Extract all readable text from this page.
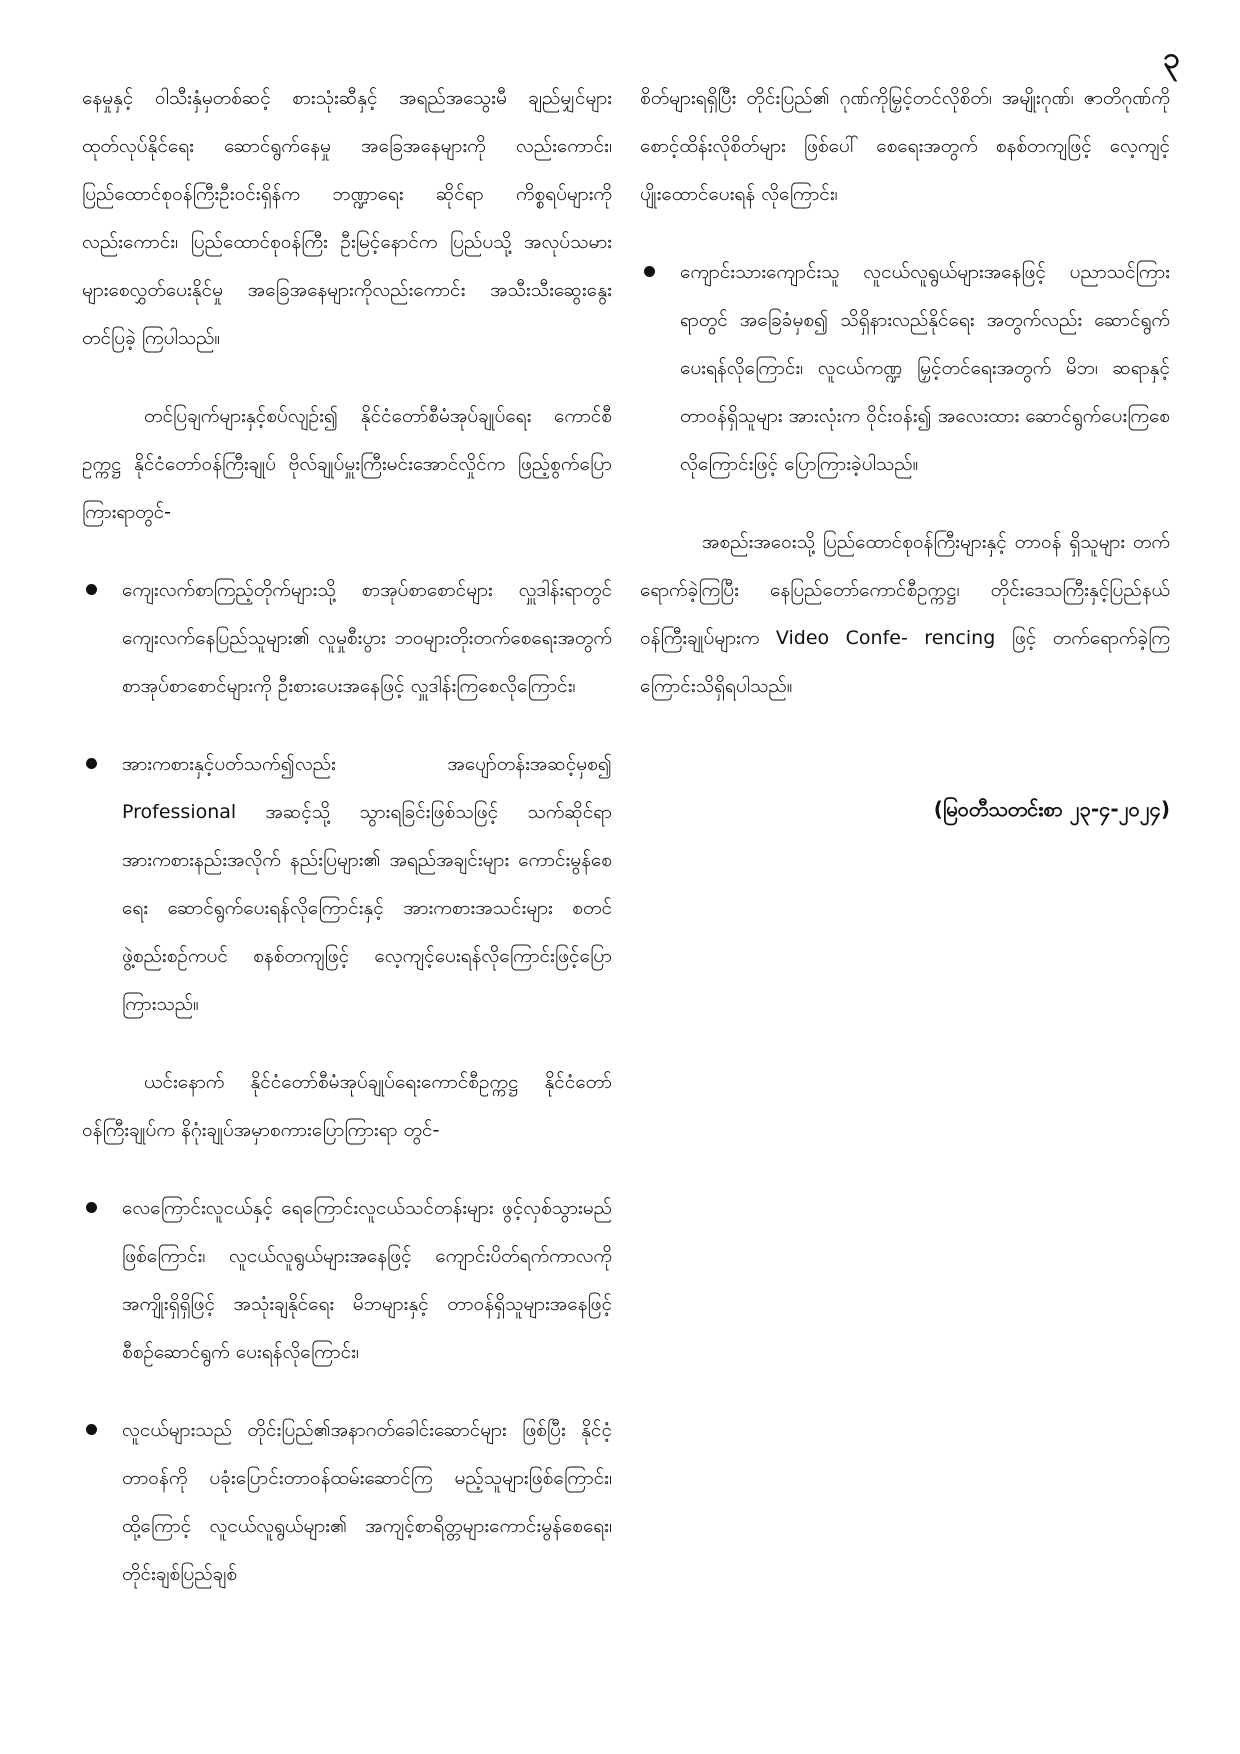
၃

နေမှုနှင့် ဝါသီးနှံမှတစ်ဆင့် စားသုံးဆီနှင့် အရည်အသွေးမီ ချည်မျှင်များ ထုတ်လုပ်နိုင်ရေး ဆောင်ရွက်နေမှု အခြေအနေများကို လည်းကောင်း၊ ပြည်ထောင်စုဝန်ကြီးဦးဝင်းရှိန်က ဘဏ္ဍာရေး ဆိုင်ရာ ကိစ္စရပ်များကိုလည်းကောင်း၊ ပြည်ထောင်စုဝန်ကြီး ဦးမြင့်နောင်က ပြည်ပသို့ အလုပ်သမားများစေလွှတ်ပေးနိုင်မှု အခြေအနေများကိုလည်းကောင်း အသီးသီးဆွေးနွေး တင်ပြခဲ့ ကြပါသည်။

တင်ပြချက်များနှင့်စပ်လျဉ်း၍ နိုင်ငံတော်စီမံအုပ်ချုပ်ရေး ကောင်စီဥက္ကဋ္ဌ နိုင်ငံတော်ဝန်ကြီးချုပ် ဗိုလ်ချုပ်မှူးကြီးမင်းအောင်လှိုင်က ဖြည့်စွက်ပြောကြားရာတွင်-

ကျေးလက်စာကြည့်တိုက်များသို့ စာအုပ်စာစောင်များ လှူဒါန်းရာတွင် ကျေးလက်နေပြည်သူများ၏ လူမှုစီးပွား ဘဝများတိုးတက်စေရေးအတွက် စာအုပ်စာစောင်များကို ဦးစားပေးအနေဖြင့် လှူဒါန်းကြစေလိုကြောင်း၊
အားကစားနှင့်ပတ်သက်၍လည်း အပျော်တန်းအဆင့်မှစ၍ Professional အဆင့်သို့ သွားရခြင်းဖြစ်သဖြင့် သက်ဆိုင်ရာ အားကစားနည်းအလိုက် နည်းပြများ၏ အရည်အချင်းများ ကောင်းမွန်စေရေး ဆောင်ရွက်ပေးရန်လိုကြောင်းနှင့် အားကစားအသင်းများ စတင်ဖွဲ့စည်းစဉ်ကပင် စနစ်တကျဖြင့် လေ့ကျင့်ပေးရန်လိုကြောင်းဖြင့်ပြောကြားသည်။

ယင်းနောက် နိုင်ငံတော်စီမံအုပ်ချုပ်ရေးကောင်စီဥက္ကဋ္ဌ နိုင်ငံတော်ဝန်ကြီးချုပ်က နိဂုံးချုပ်အမှာစကားပြောကြားရာ တွင်-

လေကြောင်းလူငယ်နှင့် ရေကြောင်းလူငယ်သင်တန်းများ ဖွင့်လှစ်သွားမည်ဖြစ်ကြောင်း၊ လူငယ်လူရွယ်များအနေဖြင့် ကျောင်းပိတ်ရက်ကာလကို အကျိုးရှိရှိဖြင့် အသုံးချနိုင်ရေး မိဘများနှင့် တာဝန်ရှိသူများအနေဖြင့် စီစဉ်ဆောင်ရွက် ပေးရန်လိုကြောင်း၊
လူငယ်များသည် တိုင်းပြည်၏အနာဂတ်ခေါင်းဆောင်များ ဖြစ်ပြီး နိုင်ငံ့တာဝန်ကို ပခုံးပြောင်းတာဝန်ထမ်းဆောင်ကြ မည့်သူများဖြစ်ကြောင်း၊ ထို့ကြောင့် လူငယ်လူရွယ်များ၏ အကျင့်စာရိတ္တများကောင်းမွန်စေရေး၊ တိုင်းချစ်ပြည်ချစ်

စိတ်များရရှိပြီး တိုင်းပြည်၏ ဂုဏ်ကိုမြှင့်တင်လိုစိတ်၊ အမျိုးဂုဏ်၊ ဇာတိဂုဏ်ကို စောင့်ထိန်းလိုစိတ်များ ဖြစ်ပေါ် စေရေးအတွက် စနစ်တကျဖြင့် လေ့ကျင့်ပျိုးထောင်ပေးရန် လိုကြောင်း၊

ကျောင်းသားကျောင်းသူ လူငယ်လူရွယ်များအနေဖြင့် ပညာသင်ကြားရာတွင် အခြေခံမှစ၍ သိရှိနားလည်နိုင်ရေး အတွက်လည်း ဆောင်ရွက်ပေးရန်လိုကြောင်း၊ လူငယ်ကဏ္ဍ မြှင့်တင်ရေးအတွက် မိဘ၊ ဆရာနှင့်တာဝန်ရှိသူများ အားလုံးက ဝိုင်းဝန်း၍ အလေးထား ဆောင်ရွက်ပေးကြစေလိုကြောင်းဖြင့် ပြောကြားခဲ့ပါသည်။

အစည်းအဝေးသို့ ပြည်ထောင်စုဝန်ကြီးများနှင့် တာဝန် ရှိသူများ တက်ရောက်ခဲ့ကြပြီး နေပြည်တော်ကောင်စီဥက္ကဋ္ဌ၊ တိုင်းဒေသကြီးနှင့်ပြည်နယ်ဝန်ကြီးချုပ်များက Video Confe- rencing ဖြင့် တက်ရောက်ခဲ့ကြကြောင်းသိရှိရပါသည်။

(မြဝတီသတင်းစာ ၂၃-၄-၂၀၂၄)
